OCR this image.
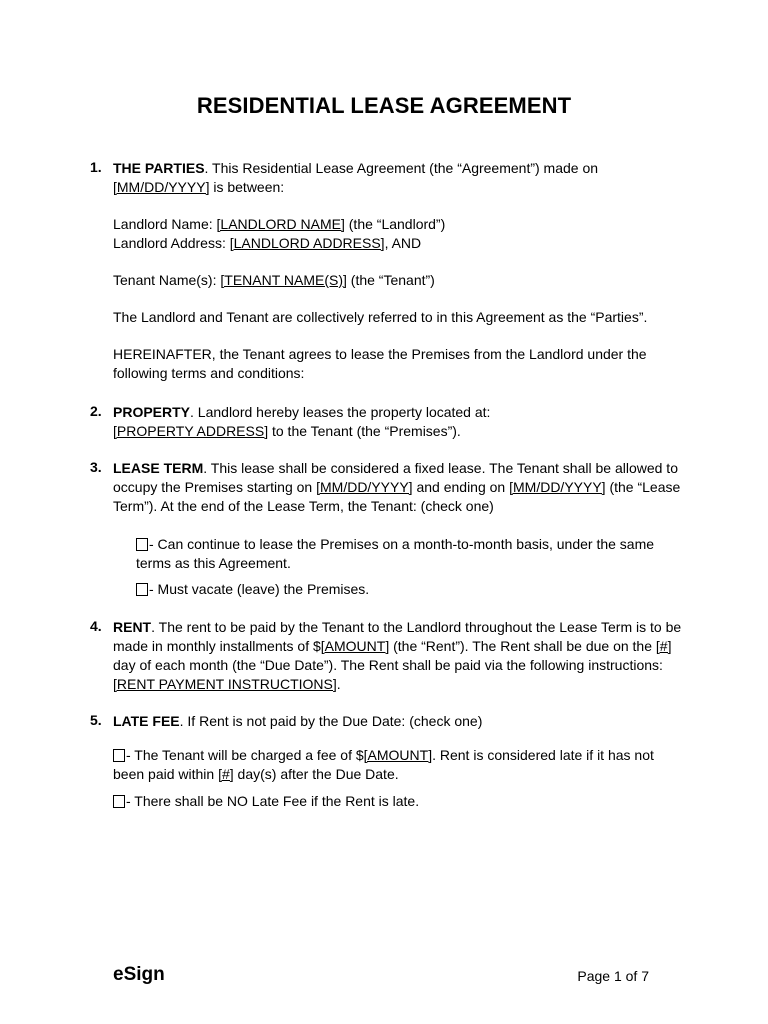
RESIDENTIAL LEASE AGREEMENT
1. THE PARTIES. This Residential Lease Agreement (the “Agreement”) made on
[MM/DD/YYYY] is between:

Landlord Name: [LANDLORD NAME] (the “Landlord”)
Landlord Address: [LANDLORD ADDRESS], AND

Tenant Name(s): [TENANT NAME(S)] (the “Tenant”)

The Landlord and Tenant are collectively referred to in this Agreement as the “Parties”.

HEREINAFTER, the Tenant agrees to lease the Premises from the Landlord under the following terms and conditions:

2. PROPERTY. Landlord hereby leases the property located at:
[PROPERTY ADDRESS] to the Tenant (the “Premises”).

3. LEASE TERM. This lease shall be considered a fixed lease. The Tenant shall be allowed to occupy the Premises starting on [MM/DD/YYYY] and ending on [MM/DD/YYYY] (the “Lease Term”). At the end of the Lease Term, the Tenant: (check one)

- Can continue to lease the Premises on a month-to-month basis, under the same terms as this Agreement.
- Must vacate (leave) the Premises.
4. RENT. The rent to be paid by the Tenant to the Landlord throughout the Lease Term is to be made in monthly installments of $[AMOUNT] (the “Rent”). The Rent shall be due on the [#] day of each month (the “Due Date”). The Rent shall be paid via the following instructions: [RENT PAYMENT INSTRUCTIONS].

5. LATE FEE. If Rent is not paid by the Due Date: (check one)

- The Tenant will be charged a fee of $[AMOUNT]. Rent is considered late if it has not been paid within [#] day(s) after the Due Date.
- There shall be NO Late Fee if the Rent is late.
eSign	Page 1 of 7
